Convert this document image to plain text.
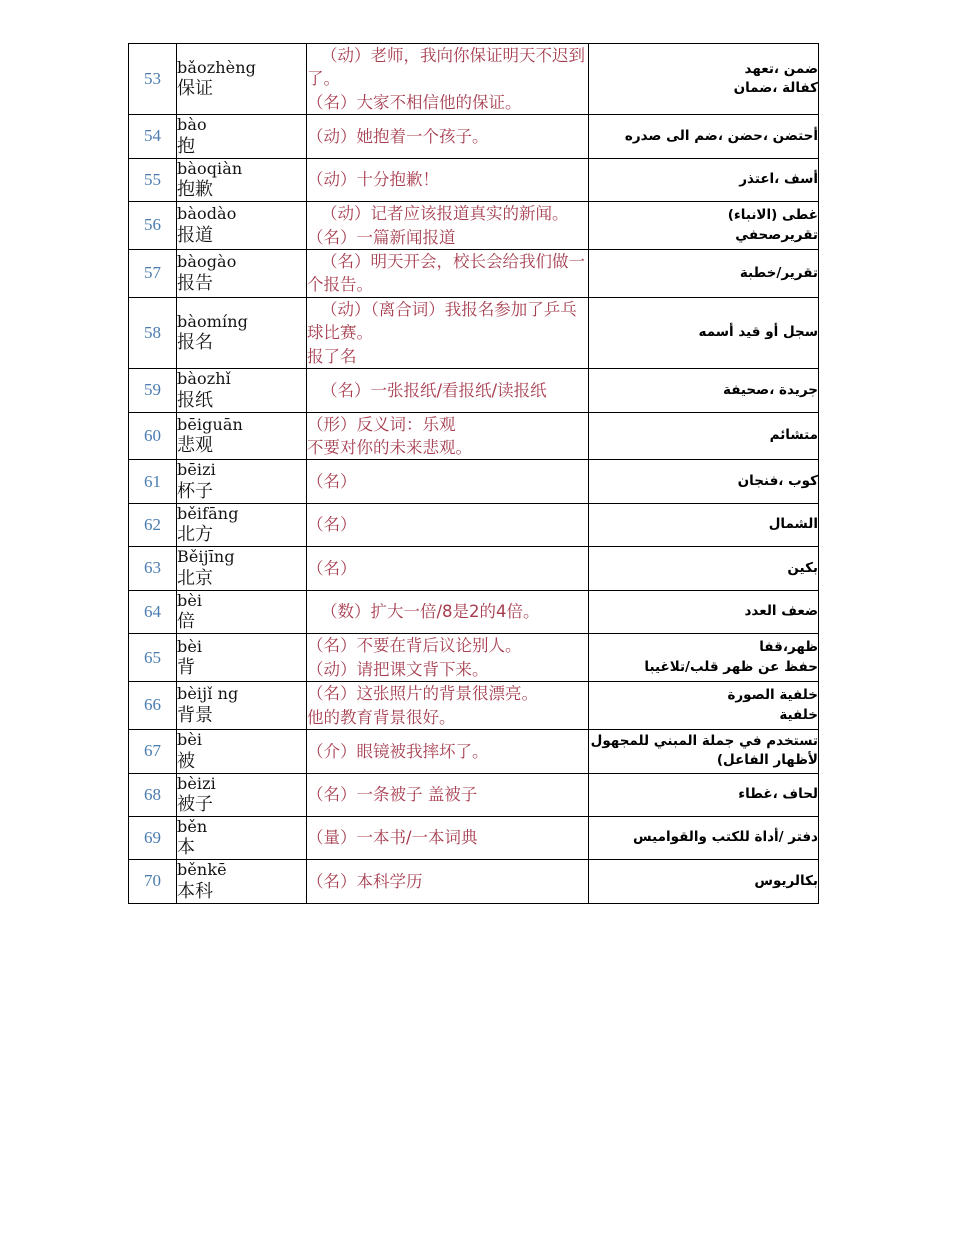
53	bǎozhèng
保证	（动）老师，我向你保证明天不迟到了。
（名）大家不相信他的保证。	ضمن ،تعهد
كفالة ،ضمان

54	bào
抱	（动）她抱着一个孩子。	أحتضن ،حضن ،ضم الى صدره

55	bàoqiàn
抱歉	（动）十分抱歉！	أسف ،اعتذر

56	bàodào
报道	（动）记者应该报道真实的新闻。
（名）一篇新闻报道	غطى (الانباء)
تقريرصحفي

57	bàogào
报告	（名）明天开会，校长会给我们做一个报告。	تقرير/خطبة

58	bàomíng
报名	（动）（离合词）我报名参加了乒乓球比赛。
报了名	سجل أو قيد أسمه

59	bàozhǐ
报纸	（名）一张报纸/看报纸/读报纸	جريدة ،صحيفة

60	bēiguān
悲观	（形）反义词：乐观
不要对你的未来悲观。	متشائم

61	bēizi
杯子	（名）	كوب ،فنجان

62	běifāng
北方	（名）	الشمال

63	Běijīng
北京	（名）	بكين

64	bèi
倍	（数）扩大一倍/8是2的4倍。	ضعف العدد

65	bèi
背	（名）不要在背后议论别人。
（动）请把课文背下来。	ظهر،قفا
حفظ عن ظهر قلب/تلاغيبا

66	bèijǐ ng
背景	（名）这张照片的背景很漂亮。
他的教育背景很好。	خلفية الصورة
خلفية

67	bèi
被	（介）眼镜被我摔坏了。	تستخدم في جملة المبني للمجهول
لأظهار الفاعل)

68	bèizi
被子	（名）一条被子 盖被子	لحاف ،غطاء

69	běn
本	（量）一本书/一本词典	دفتر /أداة للكتب والقواميس

70	běnkē
本科	（名）本科学历	بكالريوس
